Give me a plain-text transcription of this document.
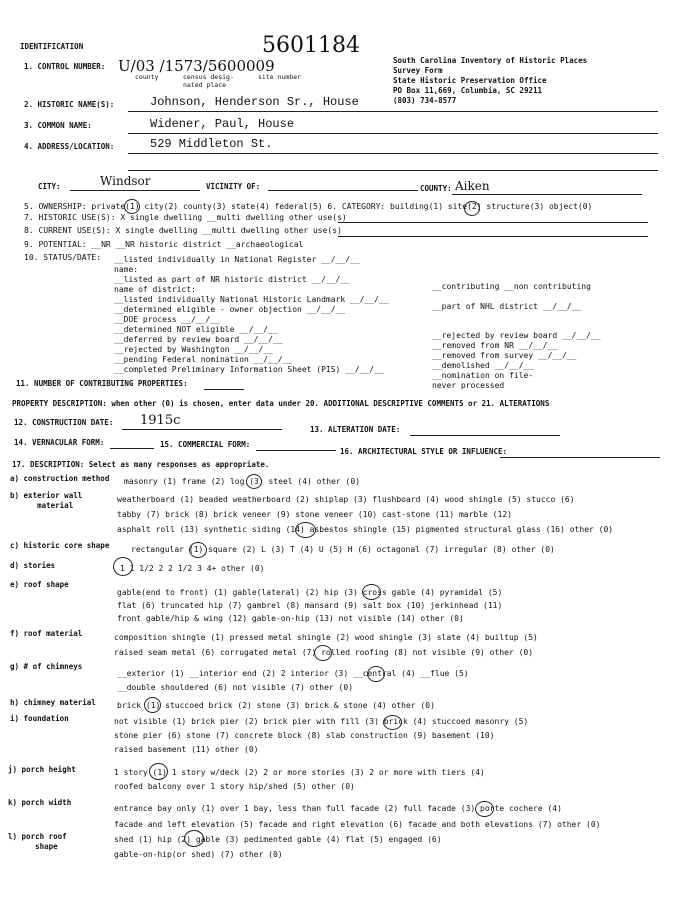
5601184
South Carolina Inventory of Historic Places
Survey Form
State Historic Preservation Office
PO Box 11,669, Columbia, SC 29211
(803) 734-8577
IDENTIFICATION
1. CONTROL NUMBER: U/03 /1573/5600009
county	census desig-
nated place
site number
2. HISTORIC NAME(S):	Johnson, Henderson Sr., House
3. COMMON NAME:	Widener, Paul, House
4. ADDRESS/LOCATION:	529 Middleton St.
CITY:	Windsor	VICINITY OF:	COUNTY: Aiken
5. OWNERSHIP: private(1) city(2) county(3) state(4) federal(5) 6. CATEGORY: building(1) site(2) structure(3) object(0)
7. HISTORIC USE(S): X single dwelling __multi dwelling other use(s)
8. CURRENT USE(S): X single dwelling __multi dwelling other use(s)
9. POTENTIAL: __NR __NR historic district __archaeological
10. STATUS/DATE: __listed individually in National Register __/__/__
name:
__listed as part of NR historic district __/__/__
name of district:
__listed individually National Historic Landmark __/__/__
__determined eligible - owner objection __/__/__
__DOE process __/__/__
__determined NOT eligible __/__/__
__deferred by review board __/__/__
__rejected by Washington __/__/__
__pending Federal nomination __/__/__
__completed Preliminary Information Sheet (PIS) __/__/__
__contributing __non contributing
__part of NHL district __/__/__
__rejected by review board __/__/__
__removed from NR __/__/__
__removed from survey __/__/__
__demolished __/__/__
__nomination on file-
never processed
11. NUMBER OF CONTRIBUTING PROPERTIES:
PROPERTY DESCRIPTION: when other (0) is chosen, enter data under 20. ADDITIONAL DESCRIPTIVE COMMENTS or 21. ALTERATIONS
12. CONSTRUCTION DATE: 1915c
13. ALTERATION DATE:
14. VERNACULAR FORM:	15. COMMERCIAL FORM:
16. ARCHITECTURAL STYLE OR INFLUENCE:
17. DESCRIPTION: Select as many responses as appropriate.
a) construction method masonry (1) frame (2) log (3) steel (4) other (0)
b) exterior wall
material
weatherboard (1) beaded weatherboard (2) shiplap (3) flushboard (4) wood shingle (5) stucco (6)
tabby (7) brick (8) brick veneer (9) stone veneer (10) cast-stone (11) marble (12)
asphalt roll (13) synthetic siding (14) asbestos shingle (15) pigmented structural glass (16) other (0)
c) historic core shape	rectangular (1) square (2) L (3) T (4) U (5) H (6) octagonal (7) irregular (8) other (0)
d) stories	1 1 1/2 2 2 1/2 3 4+ other (0)
e) roof shape
gable(end to front) (1) gable(lateral) (2) hip (3) cross gable (4) pyramidal (5)
flat (6) truncated hip (7) gambrel (8) mansard (9) salt box (10) jerkinhead (11)
front gable/hip & wing (12) gable-on-hip (13) not visible (14) other (0)
f) roof material	composition shingle (1) pressed metal shingle (2) wood shingle (3) slate (4) builtup (5)
raised seam metal (6) corrugated metal (7) rolled roofing (8) not visible (9) other (0)
g) # of chimneys
__exterior (1) __interior end (2) 2 interior (3) __central (4) __flue (5)
__double shouldered (6) not visible (7) other (0)
h) chimney material	brick (1) stuccoed brick (2) stone (3) brick & stone (4) other (0)
i) foundation	not visible (1) brick pier (2) brick pier with fill (3) brick (4) stuccoed masonry (5)
stone pier (6) stone (7) concrete block (8) slab construction (9) basement (10)
raised basement (11) other (0)
j) porch height	1 story (1) 1 story w/deck (2) 2 or more stories (3) 2 or more with tiers (4)
roofed balcony over 1 story hip/shed (5) other (0)
k) porch width
entrance bay only (1) over 1 bay, less than full facade (2) full facade (3) porte cochere (4)
facade and left elevation (5) facade and right elevation (6) facade and both elevations (7) other (0)
l) porch roof
shape
shed (1) hip (2) gable (3) pedimented gable (4) flat (5) engaged (6)
gable-on-hip(or shed) (7) other (0)
